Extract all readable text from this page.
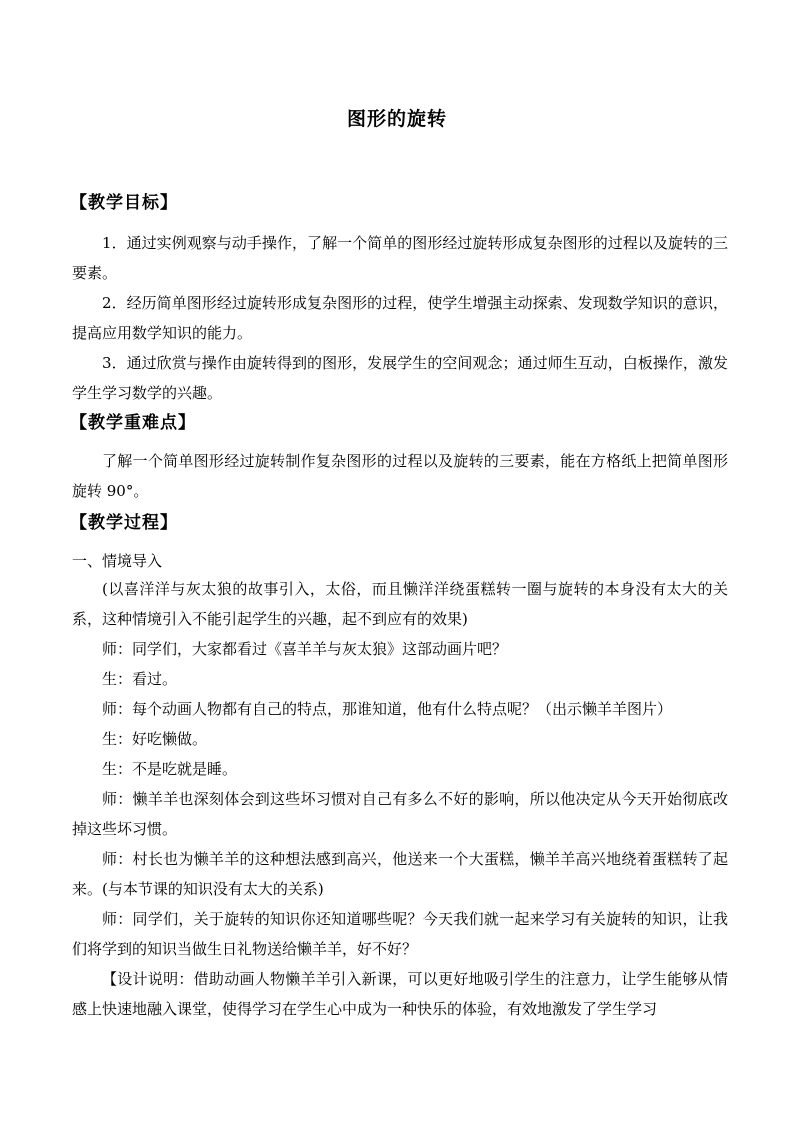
图形的旋转
【教学目标】

1．通过实例观察与动手操作，了解一个简单的图形经过旋转形成复杂图形的过程以及旋转的三要素。

2．经历简单图形经过旋转形成复杂图形的过程，使学生增强主动探索、发现数学知识的意识，提高应用数学知识的能力。

3．通过欣赏与操作由旋转得到的图形，发展学生的空间观念；通过师生互动，白板操作，激发学生学习数学的兴趣。

【教学重难点】

了解一个简单图形经过旋转制作复杂图形的过程以及旋转的三要素，能在方格纸上把简单图形旋转 90°。

【教学过程】
一、情境导入

(以喜洋洋与灰太狼的故事引入，太俗，而且懒洋洋绕蛋糕转一圈与旋转的本身没有太大的关系，这种情境引入不能引起学生的兴趣，起不到应有的效果)

师：同学们，大家都看过《喜羊羊与灰太狼》这部动画片吧？

生：看过。

师：每个动画人物都有自己的特点，那谁知道，他有什么特点呢？（出示懒羊羊图片）

生：好吃懒做。

生：不是吃就是睡。

师：懒羊羊也深刻体会到这些坏习惯对自己有多么不好的影响，所以他决定从今天开始彻底改掉这些坏习惯。

师：村长也为懒羊羊的这种想法感到高兴，他送来一个大蛋糕，懒羊羊高兴地绕着蛋糕转了起来。(与本节课的知识没有太大的关系)

师：同学们，关于旋转的知识你还知道哪些呢？今天我们就一起来学习有关旋转的知识，让我们将学到的知识当做生日礼物送给懒羊羊，好不好？

【设计说明：借助动画人物懒羊羊引入新课，可以更好地吸引学生的注意力，让学生能够从情感上快速地融入课堂，使得学习在学生心中成为一种快乐的体验，有效地激发了学生学习
